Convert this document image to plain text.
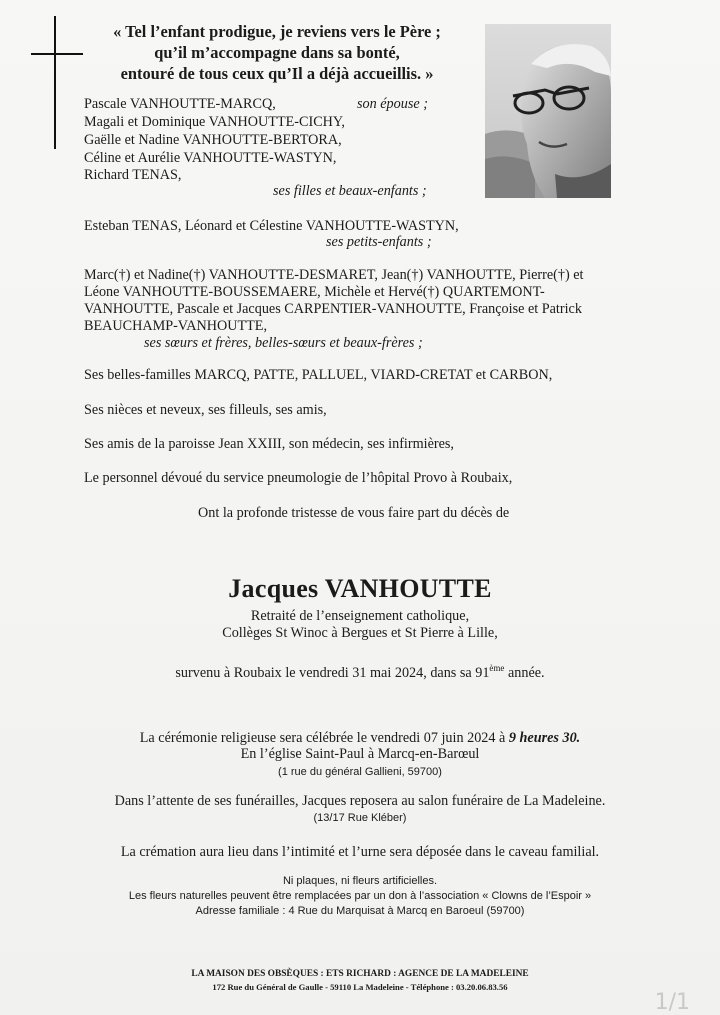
« Tel l’enfant prodigue, je reviens vers le Père ;
qu’il m’accompagne dans sa bonté,
entouré de tous ceux qu’Il a déjà accueillis. »
Pascale VANHOUTTE-MARCQ,	son épouse ;
Magali et Dominique VANHOUTTE-CICHY,
Gaëlle et Nadine VANHOUTTE-BERTORA,
Céline et Aurélie VANHOUTTE-WASTYN,
Richard TENAS,
ses filles et beaux-enfants ;
Esteban TENAS, Léonard et Célestine VANHOUTTE-WASTYN,
ses petits-enfants ;
Marc(†) et Nadine(†) VANHOUTTE-DESMARET, Jean(†) VANHOUTTE, Pierre(†) et
Léone VANHOUTTE-BOUSSEMAERE, Michèle et Hervé(†) QUARTEMONT-
VANHOUTTE, Pascale et Jacques CARPENTIER-VANHOUTTE, Françoise et Patrick
BEAUCHAMP-VANHOUTTE,
ses sœurs et frères, belles-sœurs et beaux-frères ;
Ses belles-familles MARCQ, PATTE, PALLUEL, VIARD-CRETAT et CARBON,
Ses nièces et neveux, ses filleuls, ses amis,
Ses amis de la paroisse Jean XXIII, son médecin, ses infirmières,
Le personnel dévoué du service pneumologie de l’hôpital Provo à Roubaix,
Ont la profonde tristesse de vous faire part du décès de
Jacques VANHOUTTE
Retraité de l’enseignement catholique,
Collèges St Winoc à Bergues et St Pierre à Lille,
survenu à Roubaix le vendredi 31 mai 2024, dans sa 91ème année.
La cérémonie religieuse sera célébrée le vendredi 07 juin 2024 à 9 heures 30.
En l’église Saint-Paul à Marcq-en-Barœul
(1 rue du général Gallieni, 59700)
Dans l’attente de ses funérailles, Jacques reposera au salon funéraire de La Madeleine.
(13/17 Rue Kléber)
La crémation aura lieu dans l’intimité et l’urne sera déposée dans le caveau familial.
Ni plaques, ni fleurs artificielles.
Les fleurs naturelles peuvent être remplacées par un don à l’association « Clowns de l’Espoir »
Adresse familiale : 4 Rue du Marquisat à Marcq en Baroeul (59700)
LA MAISON DES OBSÈQUES : ETS RICHARD : AGENCE DE LA MADELEINE
172 Rue du Général de Gaulle - 59110 La Madeleine - Téléphone : 03.20.06.83.56
1/1
